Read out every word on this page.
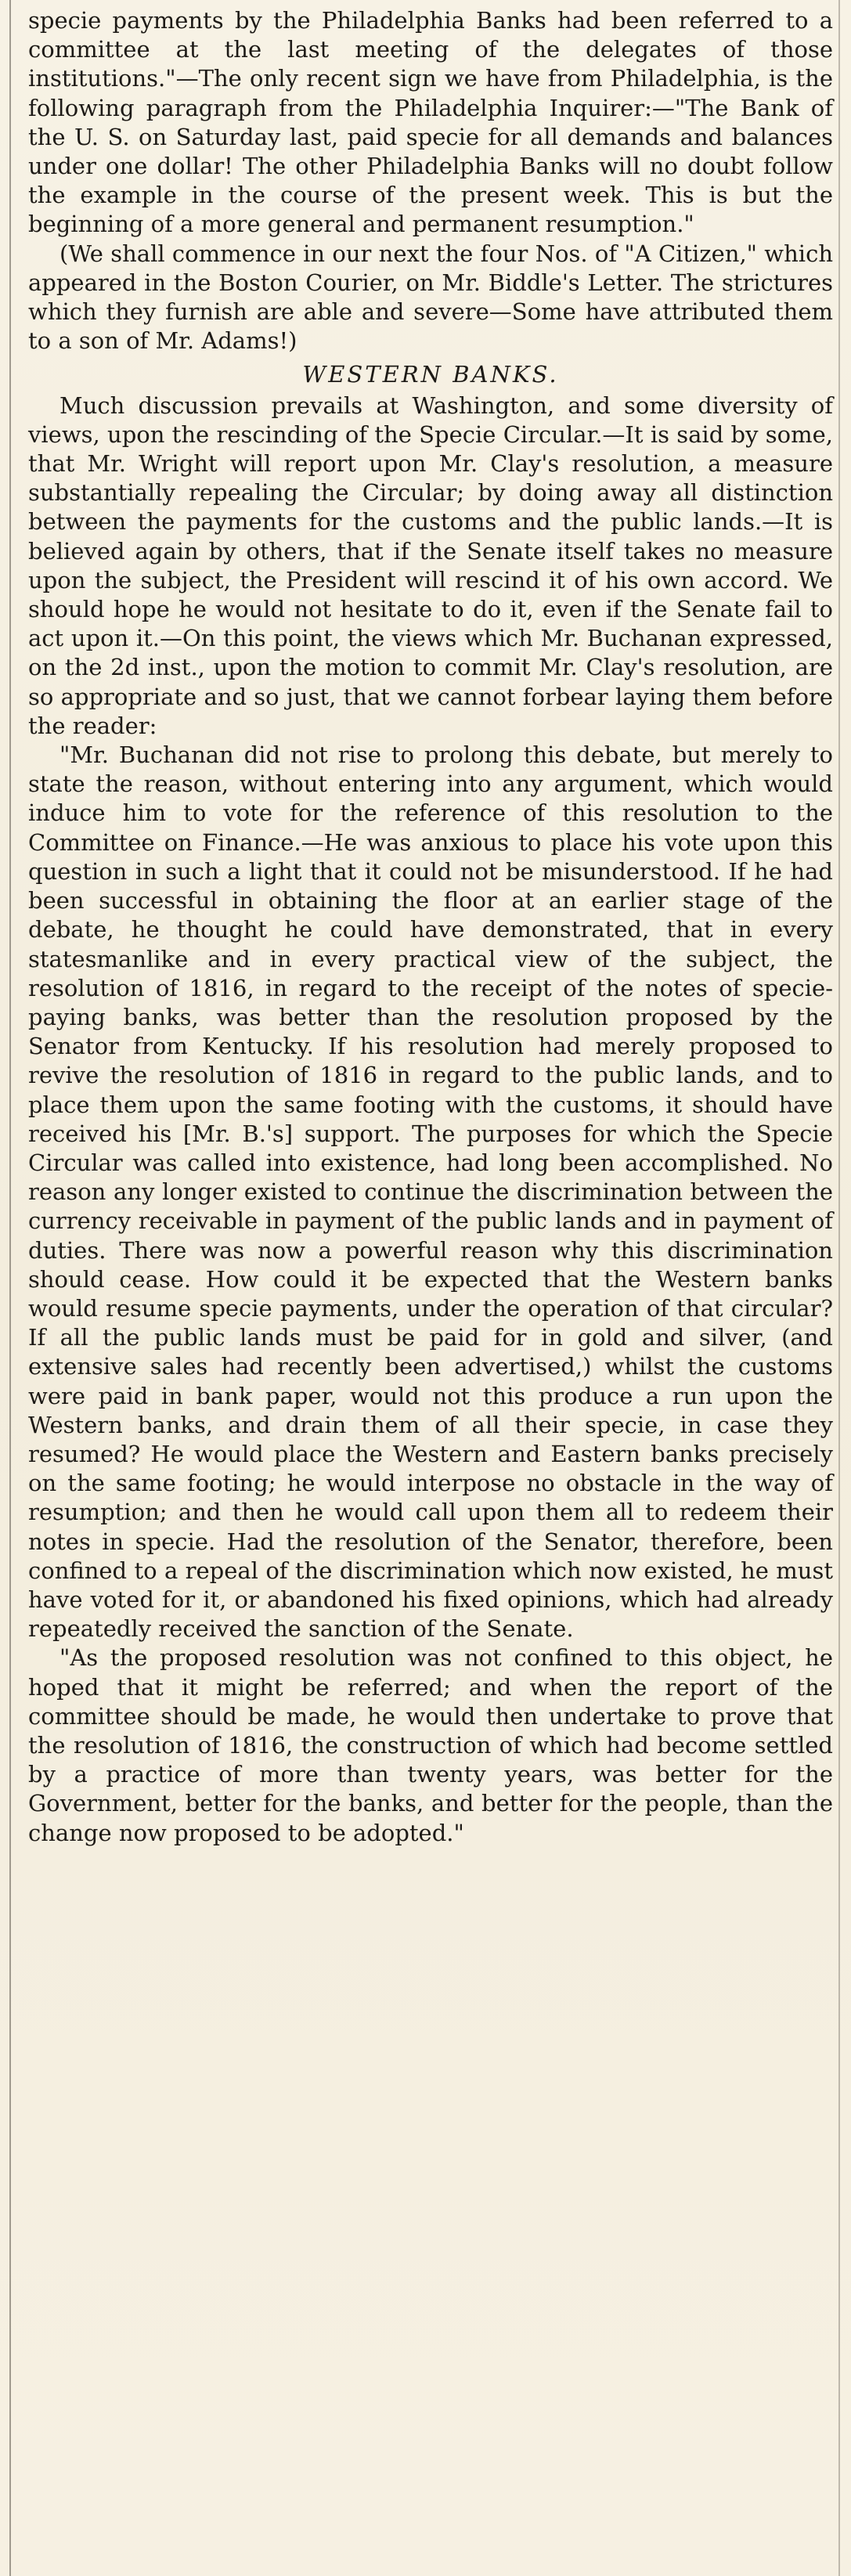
specie payments by the Philadelphia Banks had been referred to a committee at the last meeting of the delegates of those institutions."—The only recent sign we have from Philadelphia, is the following paragraph from the Philadelphia Inquirer:—"The Bank of the U. S. on Saturday last, paid specie for all demands and balances under one dollar! The other Philadelphia Banks will no doubt follow the example in the course of the present week. This is but the beginning of a more general and permanent resumption."

(We shall commence in our next the four Nos. of "A Citizen," which appeared in the Boston Courier, on Mr. Biddle's Letter. The strictures which they furnish are able and severe—Some have attributed them to a son of Mr. Adams!)

WESTERN BANKS.

Much discussion prevails at Washington, and some diversity of views, upon the rescinding of the Specie Circular.—It is said by some, that Mr. Wright will report upon Mr. Clay's resolution, a measure substantially repealing the Circular; by doing away all distinction between the payments for the customs and the public lands.—It is believed again by others, that if the Senate itself takes no measure upon the subject, the President will rescind it of his own accord. We should hope he would not hesitate to do it, even if the Senate fail to act upon it.—On this point, the views which Mr. Buchanan expressed, on the 2d inst., upon the motion to commit Mr. Clay's resolution, are so appropriate and so just, that we cannot forbear laying them before the reader:

"Mr. Buchanan did not rise to prolong this debate, but merely to state the reason, without entering into any argument, which would induce him to vote for the reference of this resolution to the Committee on Finance.—He was anxious to place his vote upon this question in such a light that it could not be misunderstood. If he had been successful in obtaining the floor at an earlier stage of the debate, he thought he could have demonstrated, that in every statesmanlike and in every practical view of the subject, the resolution of 1816, in regard to the receipt of the notes of specie-paying banks, was better than the resolution proposed by the Senator from Kentucky. If his resolution had merely proposed to revive the resolution of 1816 in regard to the public lands, and to place them upon the same footing with the customs, it should have received his [Mr. B.'s] support. The purposes for which the Specie Circular was called into existence, had long been accomplished. No reason any longer existed to continue the discrimination between the currency receivable in payment of the public lands and in payment of duties. There was now a powerful reason why this discrimination should cease. How could it be expected that the Western banks would resume specie payments, under the operation of that circular? If all the public lands must be paid for in gold and silver, (and extensive sales had recently been advertised,) whilst the customs were paid in bank paper, would not this produce a run upon the Western banks, and drain them of all their specie, in case they resumed? He would place the Western and Eastern banks precisely on the same footing; he would interpose no obstacle in the way of resumption; and then he would call upon them all to redeem their notes in specie. Had the resolution of the Senator, therefore, been confined to a repeal of the discrimination which now existed, he must have voted for it, or abandoned his fixed opinions, which had already repeatedly received the sanction of the Senate.

"As the proposed resolution was not confined to this object, he hoped that it might be referred; and when the report of the committee should be made, he would then undertake to prove that the resolution of 1816, the construction of which had become settled by a practice of more than twenty years, was better for the Government, better for the banks, and better for the people, than the change now proposed to be adopted."
